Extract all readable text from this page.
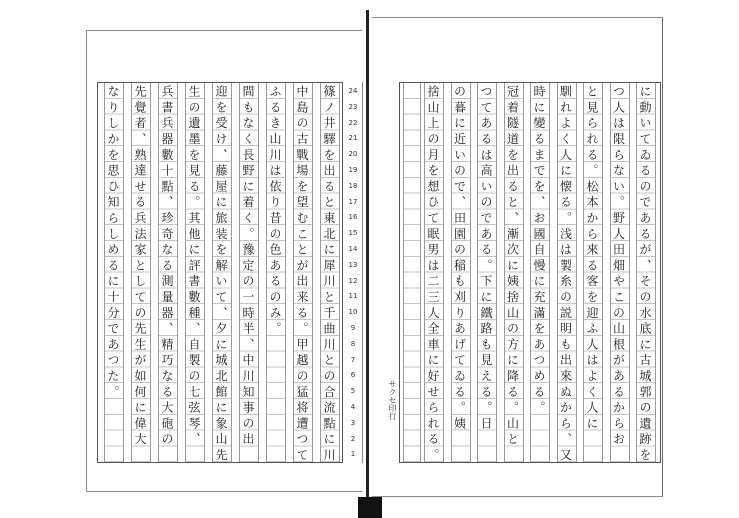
24
23
22
21
20
19
18
17
16
15
14
13
12
11
10
9
8
7
6
5
4
3
2
1
篠ノ井驛を出ると東北に犀川と千曲川との合流點に川
中島の古戰場を望むことが出来る。甲越の猛将遭つて
ふるき山川は依り昔の色あるのみ。
間もなく長野に着く。豫定の一時半、中川知事の出
迎を受け、藤屋に旅装を解いて、夕に城北館に象山先
生の遺墨を見る。其他に評書數種、自製の七弦琴、
兵書兵器數十點、珍奇なる測量器、精巧なる大砲の
先覺者、熟達せる兵法家としての先生が如何に偉大
なりしかを思ひ知らしめるに十分であつた。	に動いてゐるのであるが、その水底に古城郭の遺跡を
つ人は限らない。野人田畑やこの山根があるからお
と見られる。松本から來る客を迎ふ人はよく人に
馴れよく人に懐る。浅は製糸の説明も出來ぬから、又
時に變るまでを、お國自慢に充滿をあつめる。
冠着隧道を出ると、漸次に姨捨山の方に降る。山と
つてあるは高いのである。下に鐵路も見える。日
の暮に近いので、田園の稲も刈りあげてゐる。姨
捨山上の月を想ひて眠男は二三人全車に好せられる。
サクセ印行
